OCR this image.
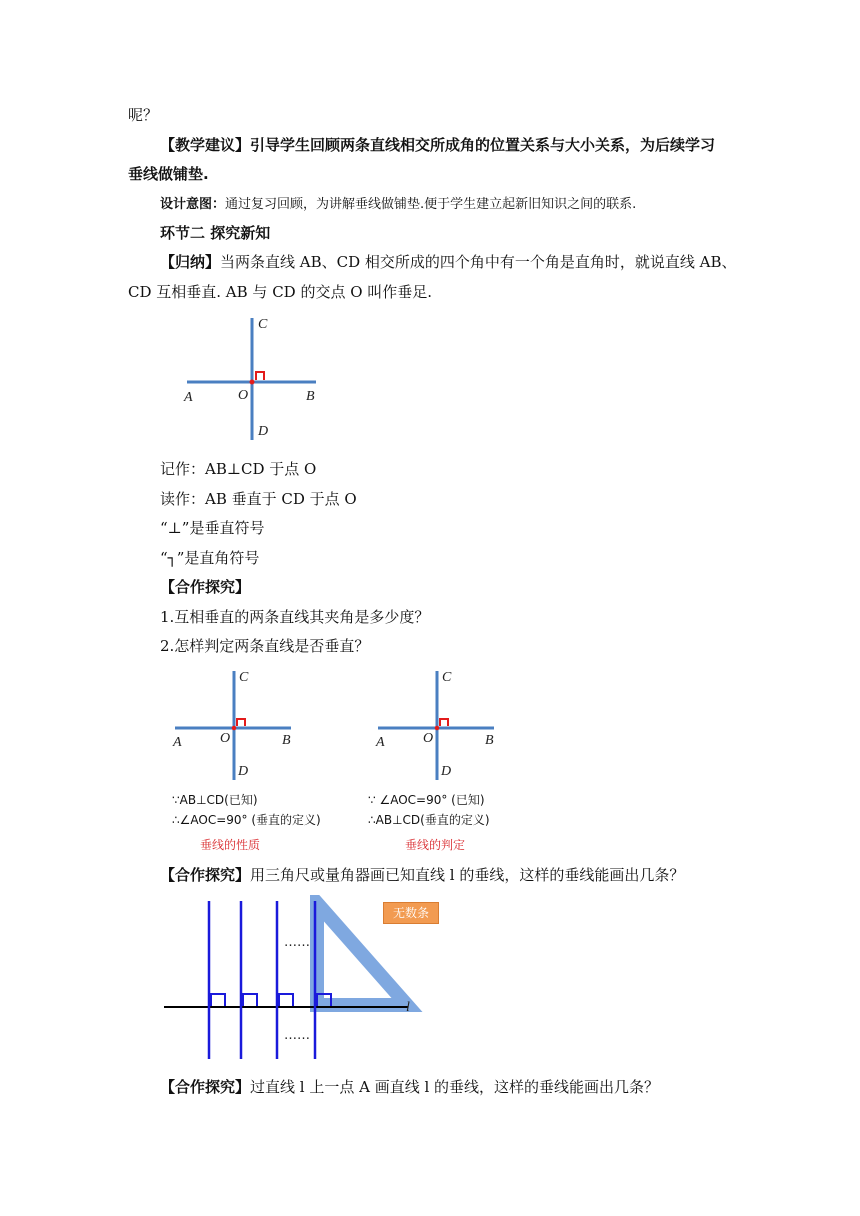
呢？
【教学建议】引导学生回顾两条直线相交所成角的位置关系与大小关系，为后续学习
垂线做铺垫.
设计意图：通过复习回顾，为讲解垂线做铺垫.便于学生建立起新旧知识之间的联系.
环节二 探究新知
【归纳】当两条直线 AB、CD 相交所成的四个角中有一个角是直角时，就说直线 AB、
CD 互相垂直. AB 与 CD 的交点 O 叫作垂足.
C
A	O	B
D
记作：AB⊥CD 于点 O
读作：AB 垂直于 CD 于点 O
“⊥”是垂直符号
“┐”是直角符号
【合作探究】
1.互相垂直的两条直线其夹角是多少度？
2.怎样判定两条直线是否垂直？
C
A	O	B
D
∵AB⊥CD(已知)
∴∠AOC=90° (垂直的定义)
垂线的性质
C
A	O	B
D
∵ ∠AOC=90° (已知)
∴AB⊥CD(垂直的定义)
垂线的判定
【合作探究】用三角尺或量角器画已知直线 l 的垂线，这样的垂线能画出几条？
……
……
l
无数条
【合作探究】过直线 l 上一点 A 画直线 l 的垂线，这样的垂线能画出几条？
